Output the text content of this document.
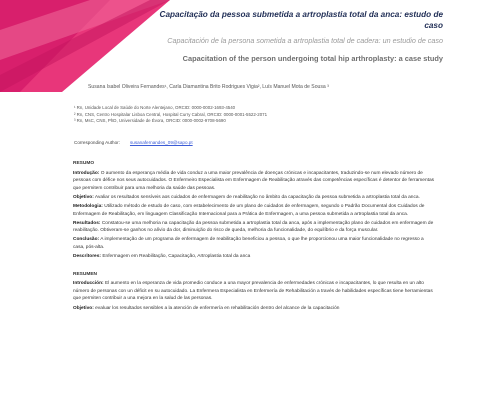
Capacitação da pessoa submetida a artroplastia total da anca: estudo de caso
Capacitación de la persona sometida a artroplastia total de cadera: un estudio de caso
Capacitation of the person undergoing total hip arthroplasty: a case study
Susana Isabel Oliveira Fernandes¹, Carla Diamantina Brito Rodrigues Vigia², Luís Manuel Mota de Sousa ³
¹ Rn, Unidade Local de Saúde do Norte Alentejano, ORCID: 0000-0002-1693-4540
² Rn, CNS, Centro Hospitalar Lisboa Central, Hospital Curry Cabral, ORCID: 0000-0001-5522-2071
³ Rn, MsC, CNS, PhD, Universidade de Évora, ORCID: 0000-0002-9708-5690
Corresponding Author: susanafernandes_09@sapo.pt
RESUMO

Introdução: O aumento da esperança média de vida conduz a uma maior prevalência de doenças crónicas e incapacitantes, traduzindo-se num elevado número de pessoas com défice nos seus autocuidados. O Enfermeiro Especialista em Enfermagem de Reabilitação através das competências específicas é detentor de ferramentas que permitem contribuir para uma melhoria da saúde das pessoas.

Objetivo: Avaliar os resultados sensíveis aos cuidados de enfermagem de reabilitação no âmbito da capacitação da pessoa submetida a artroplastia total da anca.

Metodologia: Utilizado método de estudo de caso, com estabelecimento de um plano de cuidados de enfermagem, segundo o Padrão Documental dos Cuidados de Enfermagem de Reabilitação, em linguagem Classificação Internacional para a Prática de Enfermagem, a uma pessoa submetida a artroplastia total da anca.

Resultados: Constatou-se uma melhoria na capacitação da pessoa submetida a artroplastia total da anca, após a implementação plano de cuidados em enfermagem de reabilitação. Obtiveram-se ganhos no alívio da dor, diminuição do risco de queda, melhoria da funcionalidade, do equilíbrio e da força muscular.

Conclusão: A implementação de um programa de enfermagem de reabilitação beneficiou a pessoa, o que lhe proporcionou uma maior funcionalidade no regresso a casa, pós-alta.

Descritores: Enfermagem em Reabilitação, Capacitação, Artroplastia total da anca

RESUMEN

Introducción: El aumento en la esperanza de vida promedio conduce a una mayor prevalencia de enfermedades crónicas e incapacitantes, lo que resulta en un alto número de personas con un déficit en su autocuidado. La Enfermera Especialista en Enfermería de Rehabilitación a través de habilidades específicas tiene herramientas que permiten contribuir a una mejora en la salud de las personas.

Objetivo: evaluar los resultados sensibles a la atención de enfermería en rehabilitación dentro del alcance de la capacitación
